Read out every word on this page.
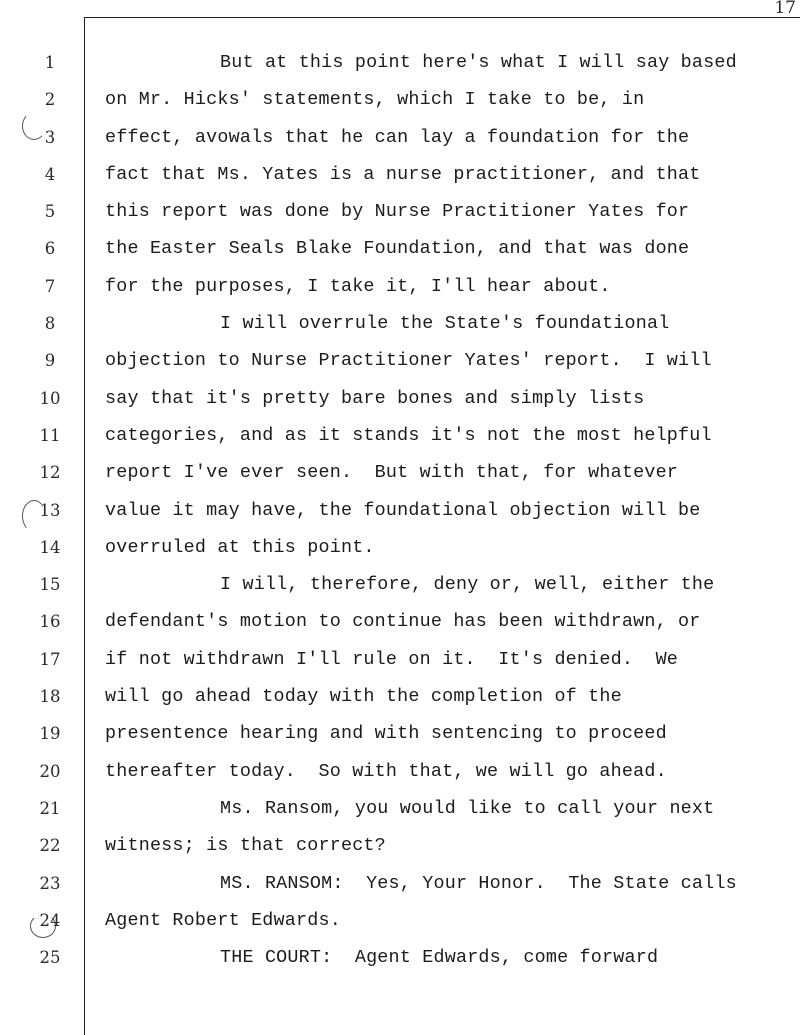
17
1
2
3
4
5
6
7
8
9
10
11
12
13
14
15
16
17
18
19
20
21
22
23
24
25
But at this point here's what I will say based
on Mr. Hicks' statements, which I take to be, in
effect, avowals that he can lay a foundation for the
fact that Ms. Yates is a nurse practitioner, and that
this report was done by Nurse Practitioner Yates for
the Easter Seals Blake Foundation, and that was done
for the purposes, I take it, I'll hear about.
I will overrule the State's foundational
objection to Nurse Practitioner Yates' report.  I will
say that it's pretty bare bones and simply lists
categories, and as it stands it's not the most helpful
report I've ever seen.  But with that, for whatever
value it may have, the foundational objection will be
overruled at this point.
I will, therefore, deny or, well, either the
defendant's motion to continue has been withdrawn, or
if not withdrawn I'll rule on it.  It's denied.  We
will go ahead today with the completion of the
presentence hearing and with sentencing to proceed
thereafter today.  So with that, we will go ahead.
Ms. Ransom, you would like to call your next
witness; is that correct?
MS. RANSOM:  Yes, Your Honor.  The State calls
Agent Robert Edwards.
THE COURT:  Agent Edwards, come forward
